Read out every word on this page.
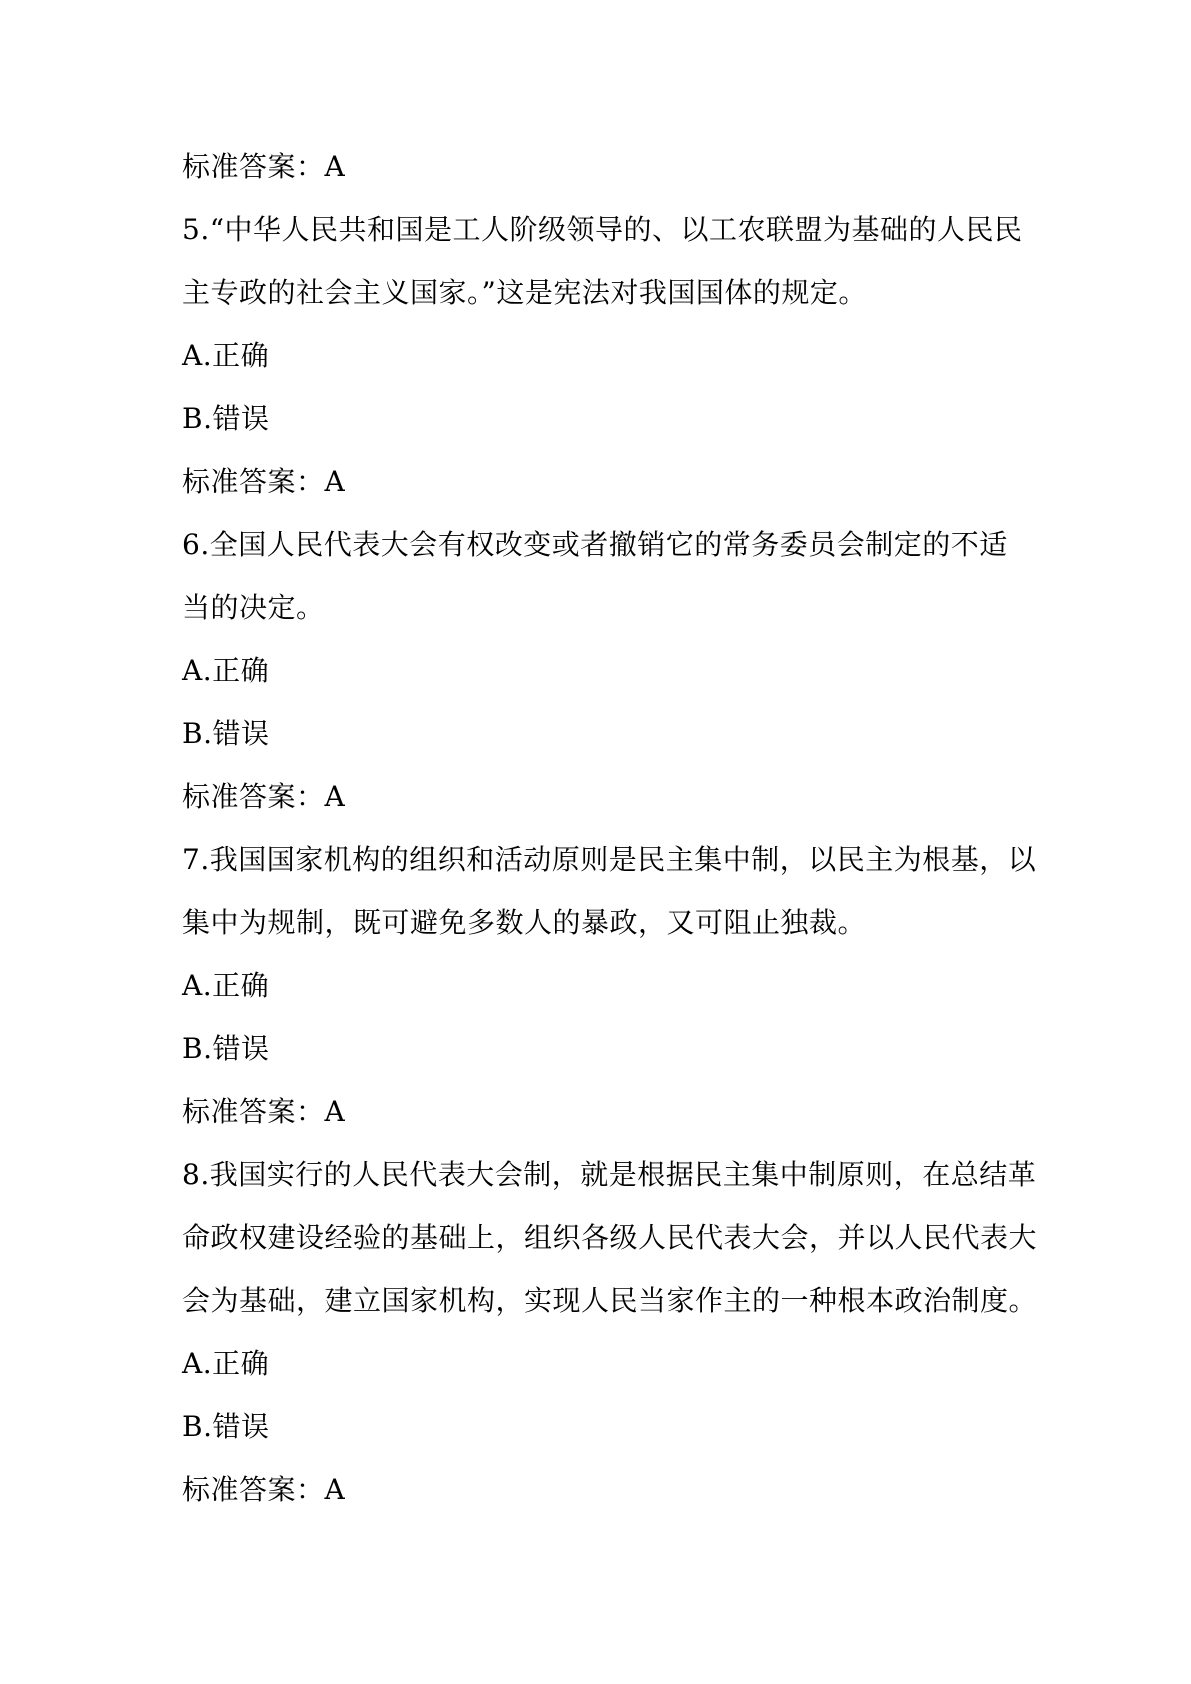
标准答案：A
5.“中华人民共和国是工人阶级领导的、以工农联盟为基础的人民民
主专政的社会主义国家。”这是宪法对我国国体的规定。
A.正确
B.错误
标准答案：A
6.全国人民代表大会有权改变或者撤销它的常务委员会制定的不适
当的决定。
A.正确
B.错误
标准答案：A
7.我国国家机构的组织和活动原则是民主集中制，以民主为根基，以
集中为规制，既可避免多数人的暴政，又可阻止独裁。
A.正确
B.错误
标准答案：A
8.我国实行的人民代表大会制，就是根据民主集中制原则，在总结革
命政权建设经验的基础上，组织各级人民代表大会，并以人民代表大
会为基础，建立国家机构，实现人民当家作主的一种根本政治制度。
A.正确
B.错误
标准答案：A
